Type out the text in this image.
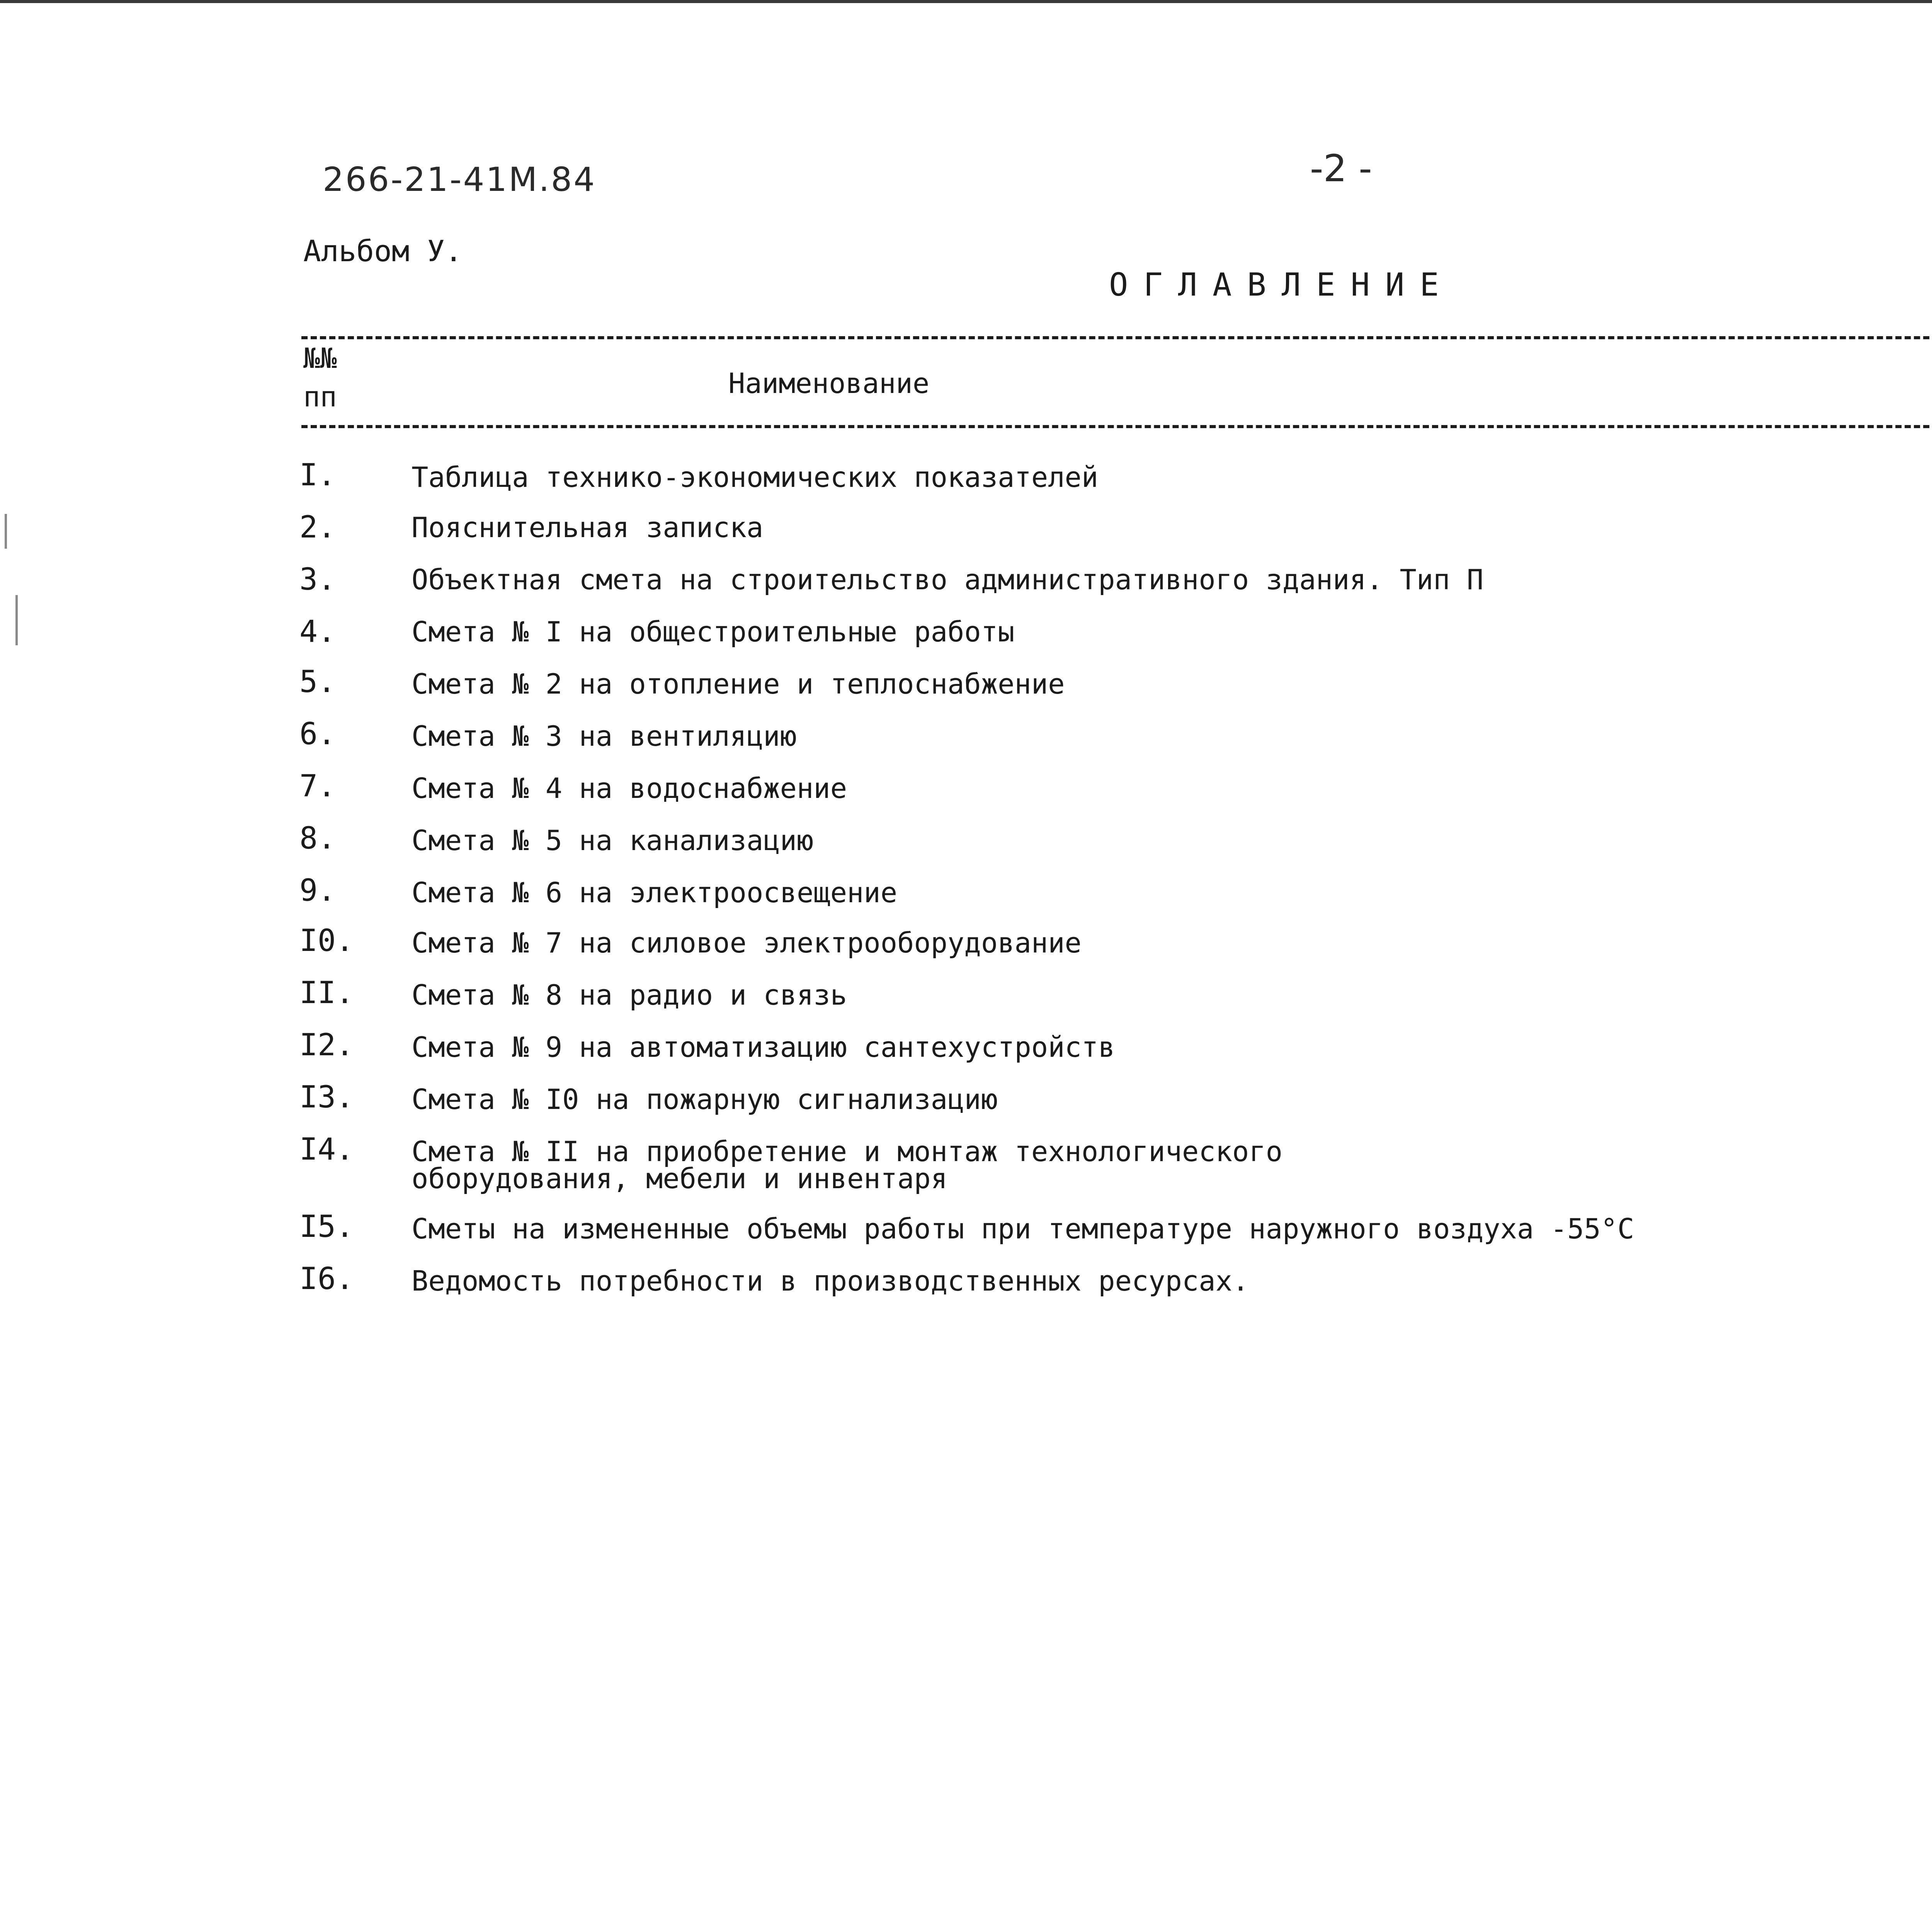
266-21-41М.84	-2 -
Альбом У.
ОГЛАВЛЕНИЕ
№№
пп	Наименование
I.	Таблица технико-экономических показателей
2.	Пояснительная записка
3.	Объектная смета на строительство административного здания. Тип П
4.	Смета № I на общестроительные работы
5.	Смета № 2 на отопление и теплоснабжение
6.	Смета № 3 на вентиляцию
7.	Смета № 4 на водоснабжение
8.	Смета № 5 на канализацию
9.	Смета № 6 на электроосвещение
I0. Смета № 7 на силовое электрооборудование
II. Смета № 8 на радио и связь
I2. Смета № 9 на автоматизацию сантехустройств
I3. Смета № I0 на пожарную сигнализацию
I4. Смета № II на приобретение и монтаж технологического
оборудования, мебели и инвентаря
I5. Сметы на измененные объемы работы при температуре наружного воздуха -55°С
I6. Ведомость потребности в производственных ресурсах.
